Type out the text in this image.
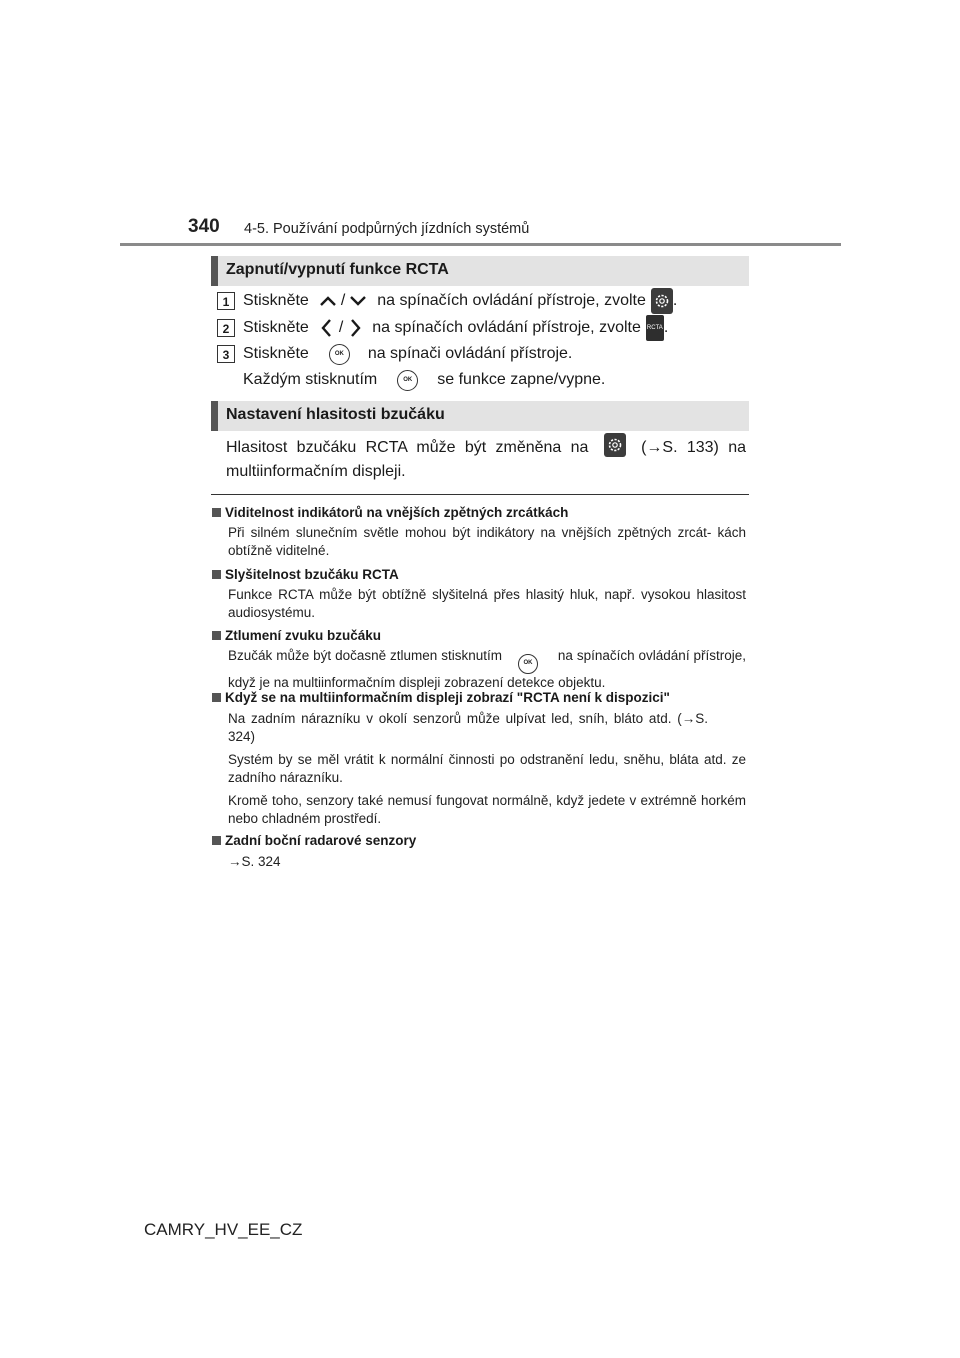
340 4-5. Používání podpůrných jízdních systémů
Zapnutí/vypnutí funkce RCTA
1 Stiskněte / na spínačích ovládání přístroje, zvolte .
2 Stiskněte / na spínačích ovládání přístroje, zvolte RCTA .
3 Stiskněte	OK	na spínači ovládání přístroje.
Každým stisknutím	OK	se funkce zapne/vypne.
Nastavení hlasitosti bzučáku
Hlasitost bzučáku RCTA může být změněna na	(→S. 133) na multiinformačním displeji.
Viditelnost indikátorů na vnějších zpětných zrcátkách
Při silném slunečním světle mohou být indikátory na vnějších zpětných zrcát- kách obtížně viditelné.
Slyšitelnost bzučáku RCTA
Funkce RCTA může být obtížně slyšitelná přes hlasitý hluk, např. vysokou hlasitost audiosystému.
Ztlumení zvuku bzučáku
Bzučák může být dočasně ztlumen stisknutím	OK na spínačích ovládání přístroje, když je na multiinformačním displeji zobrazení detekce objektu.
Když se na multiinformačním displeji zobrazí "RCTA není k dispozici"
Na zadním nárazníku v okolí senzorů může ulpívat led, sníh, bláto atd. (→S. 324)
Systém by se měl vrátit k normální činnosti po odstranění ledu, sněhu, bláta atd. ze zadního nárazníku.
Kromě toho, senzory také nemusí fungovat normálně, když jedete v extrémně horkém nebo chladném prostředí.
Zadní boční radarové senzory
→S. 324
CAMRY_HV_EE_CZ
